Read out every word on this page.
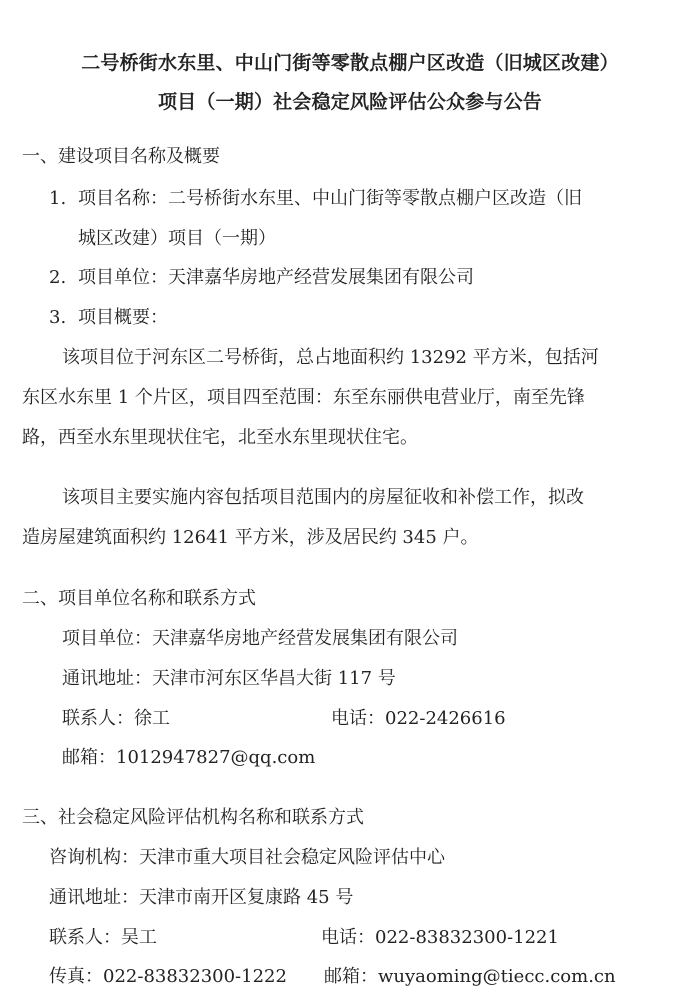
二号桥街水东里、中山门街等零散点棚户区改造（旧城区改建）
项目（一期）社会稳定风险评估公众参与公告
一、建设项目名称及概要
1. 项目名称：二号桥街水东里、中山门街等零散点棚户区改造（旧
城区改建）项目（一期）
2. 项目单位：天津嘉华房地产经营发展集团有限公司
3. 项目概要：
该项目位于河东区二号桥街，总占地面积约 13292 平方米，包括河
东区水东里 1 个片区，项目四至范围：东至东丽供电营业厅，南至先锋
路，西至水东里现状住宅，北至水东里现状住宅。
该项目主要实施内容包括项目范围内的房屋征收和补偿工作，拟改
造房屋建筑面积约 12641 平方米，涉及居民约 345 户。
二、项目单位名称和联系方式
项目单位：天津嘉华房地产经营发展集团有限公司
通讯地址：天津市河东区华昌大街 117 号
联系人：徐工	电话：022-2426616
邮箱：1012947827@qq.com
三、社会稳定风险评估机构名称和联系方式
咨询机构：天津市重大项目社会稳定风险评估中心
通讯地址：天津市南开区复康路 45 号
联系人：吴工	电话：022-83832300-1221
传真：022-83832300-1222 邮箱：wuyaoming@tiecc.com.cn
